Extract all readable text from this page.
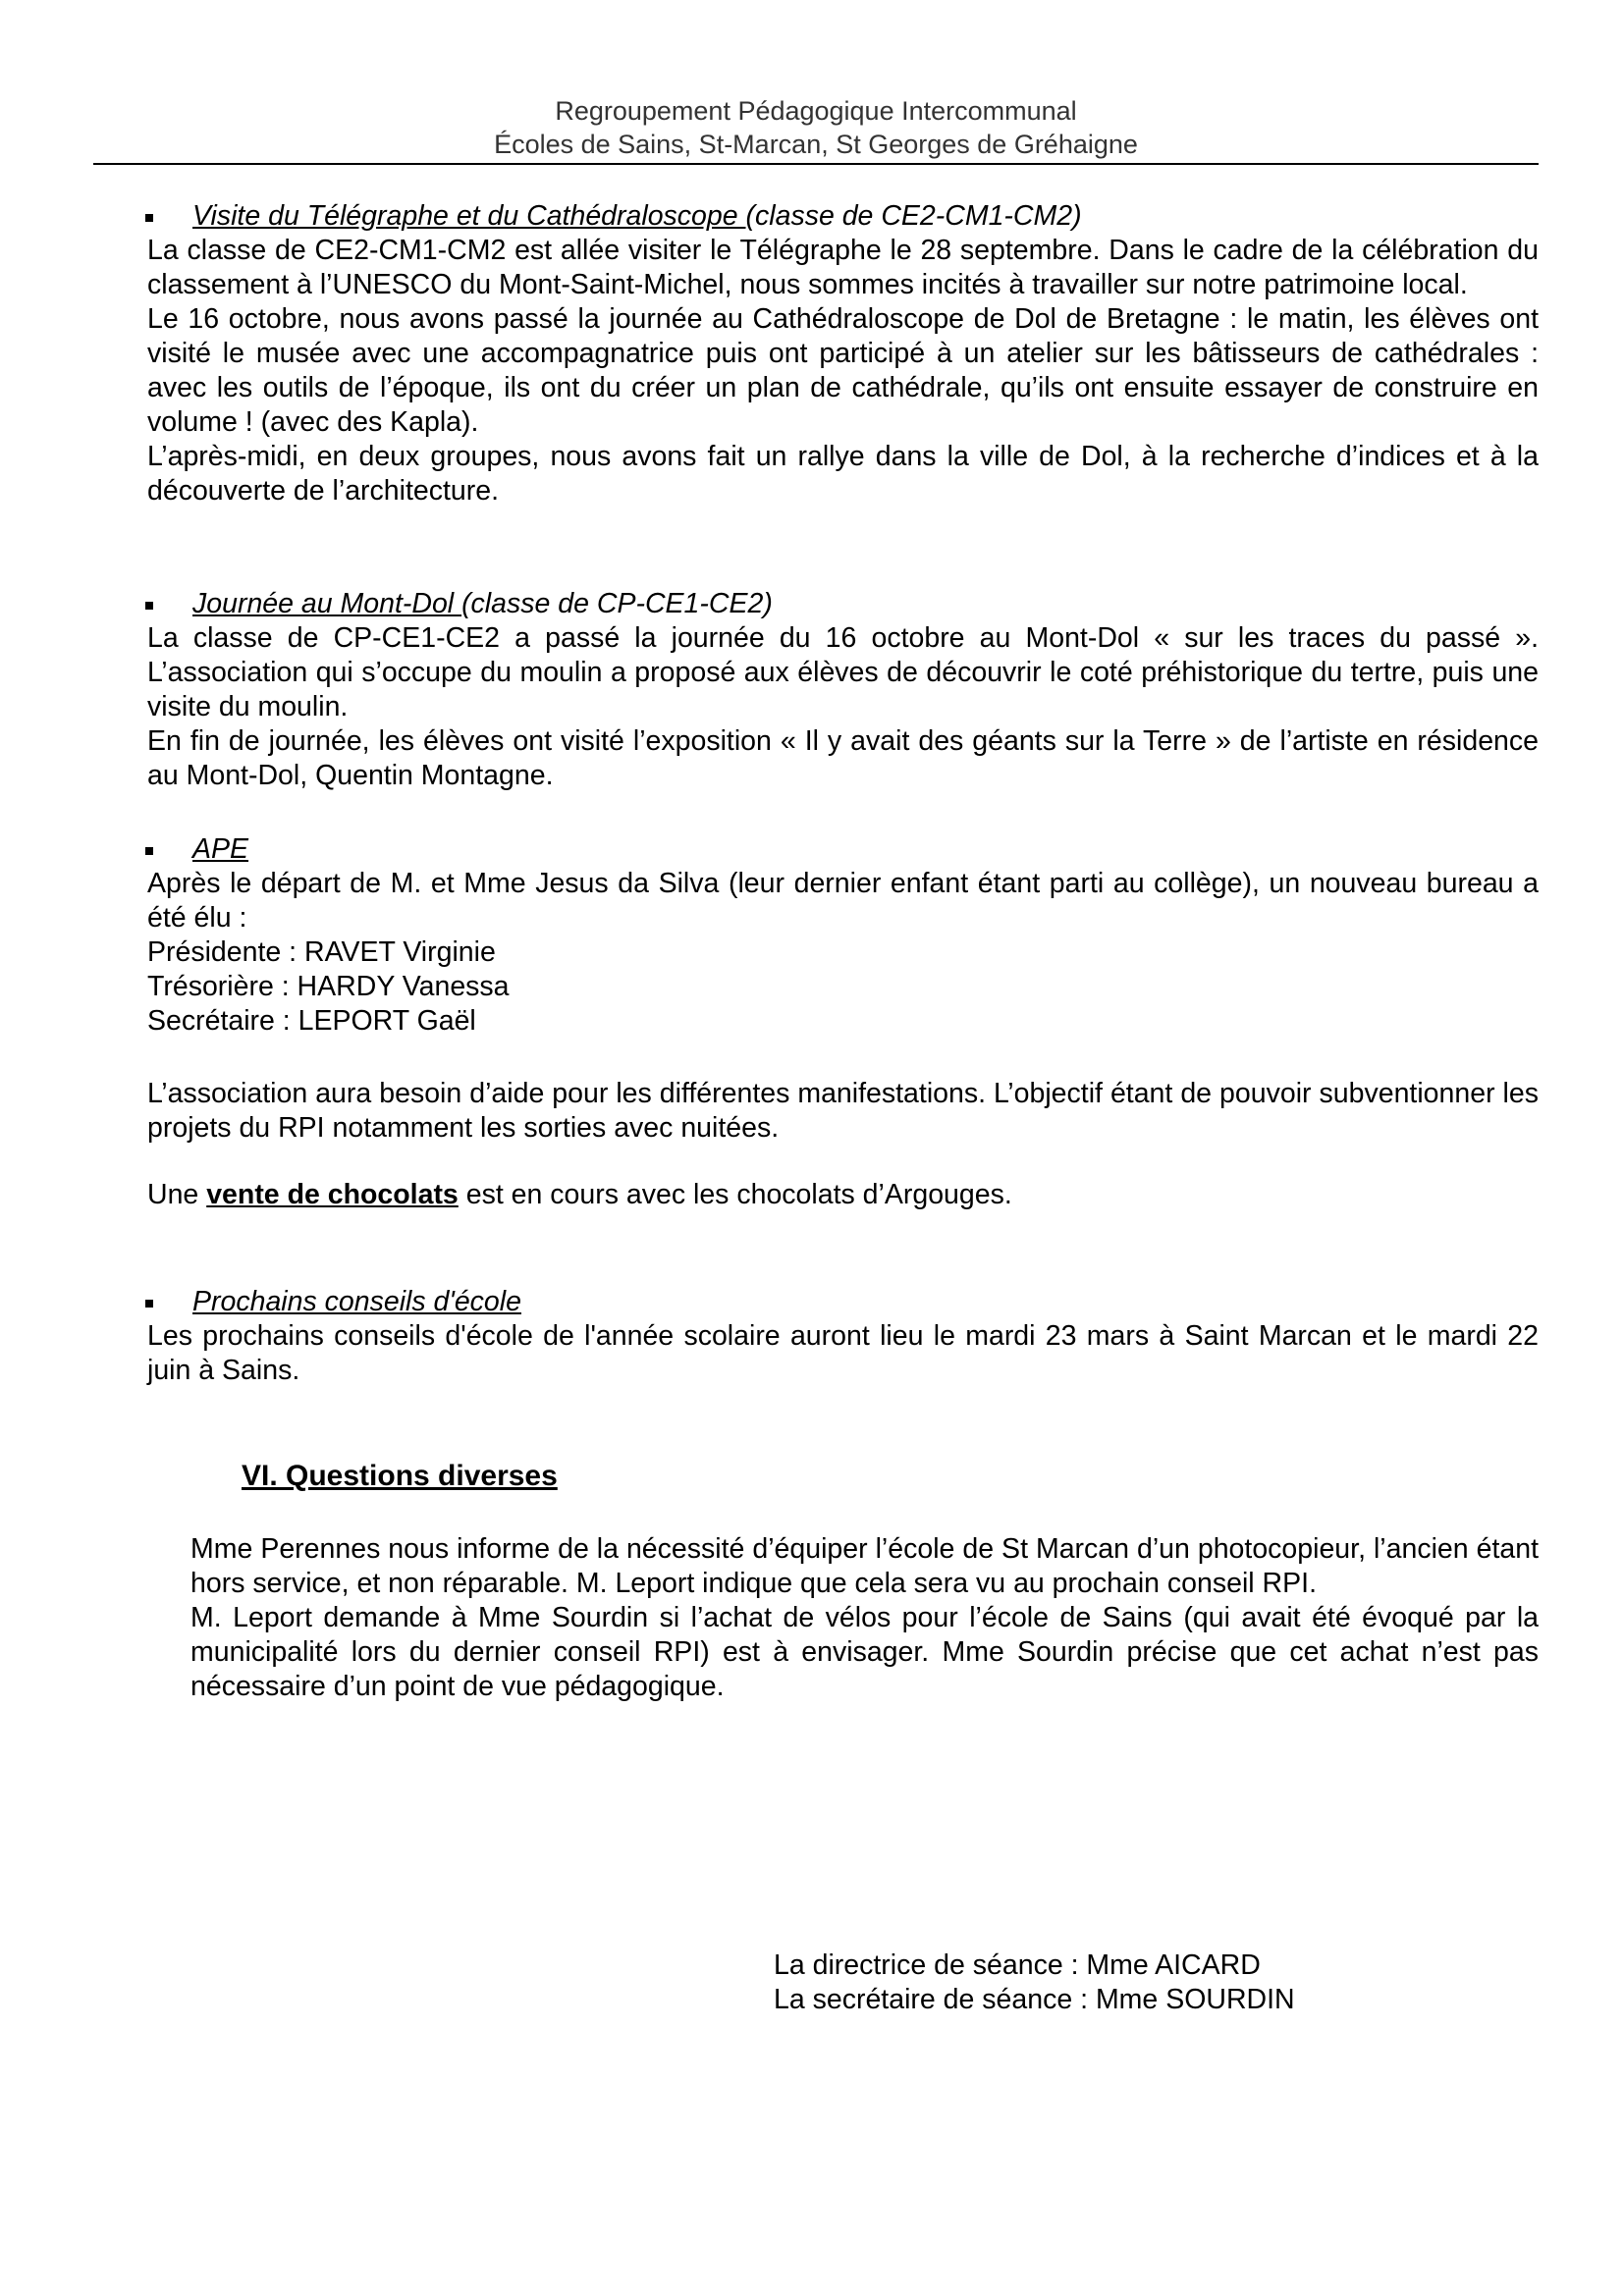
Regroupement Pédagogique Intercommunal
Écoles de Sains, St-Marcan, St Georges de Gréhaigne
Visite du Télégraphe et du Cathédraloscope (classe de CE2-CM1-CM2)

La classe de CE2-CM1-CM2 est allée visiter le Télégraphe le 28 septembre. Dans le cadre de la célébration du classement à l’UNESCO du Mont-Saint-Michel, nous sommes incités à travailler sur notre patrimoine local.

Le 16 octobre, nous avons passé la journée au Cathédraloscope de Dol de Bretagne : le matin, les élèves ont visité le musée avec une accompagnatrice puis ont participé à un atelier sur les bâtisseurs de cathédrales : avec les outils de l’époque, ils ont du créer un plan de cathédrale, qu’ils ont ensuite essayer de construire en volume ! (avec des Kapla).

L’après-midi, en deux groupes, nous avons fait un rallye dans la ville de Dol, à la recherche d’indices et à la découverte de l’architecture.

Journée au Mont-Dol (classe de CP-CE1-CE2)

La classe de CP-CE1-CE2 a passé la journée du 16 octobre au Mont-Dol « sur les traces du passé ». L’association qui s’occupe du moulin a proposé aux élèves de découvrir le coté préhistorique du tertre, puis une visite du moulin.

En fin de journée, les élèves ont visité l’exposition « Il y avait des géants sur la Terre » de l’artiste en résidence au Mont-Dol, Quentin Montagne.

APE

Après le départ de M. et Mme Jesus da Silva (leur dernier enfant étant parti au collège), un nouveau bureau a été élu :

Présidente : RAVET Virginie
Trésorière : HARDY Vanessa
Secrétaire : LEPORT Gaël

L’association aura besoin d’aide pour les différentes manifestations. L’objectif étant de pouvoir subventionner les projets du RPI notamment les sorties avec nuitées.

Une vente de chocolats est en cours avec les chocolats d’Argouges.
Prochains conseils d'école

Les prochains conseils d'école de l'année scolaire auront lieu le mardi 23 mars à Saint Marcan et le mardi 22 juin à Sains.

VI. Questions diverses

Mme Perennes nous informe de la nécessité d’équiper l’école de St Marcan d’un photocopieur, l’ancien étant hors service, et non réparable. M. Leport indique que cela sera vu au prochain conseil RPI.

M. Leport demande à Mme Sourdin si l’achat de vélos pour l’école de Sains (qui avait été évoqué par la municipalité lors du dernier conseil RPI) est à envisager. Mme Sourdin précise que cet achat n’est pas nécessaire d’un point de vue pédagogique.

La directrice de séance : Mme AICARD
La secrétaire de séance : Mme SOURDIN
